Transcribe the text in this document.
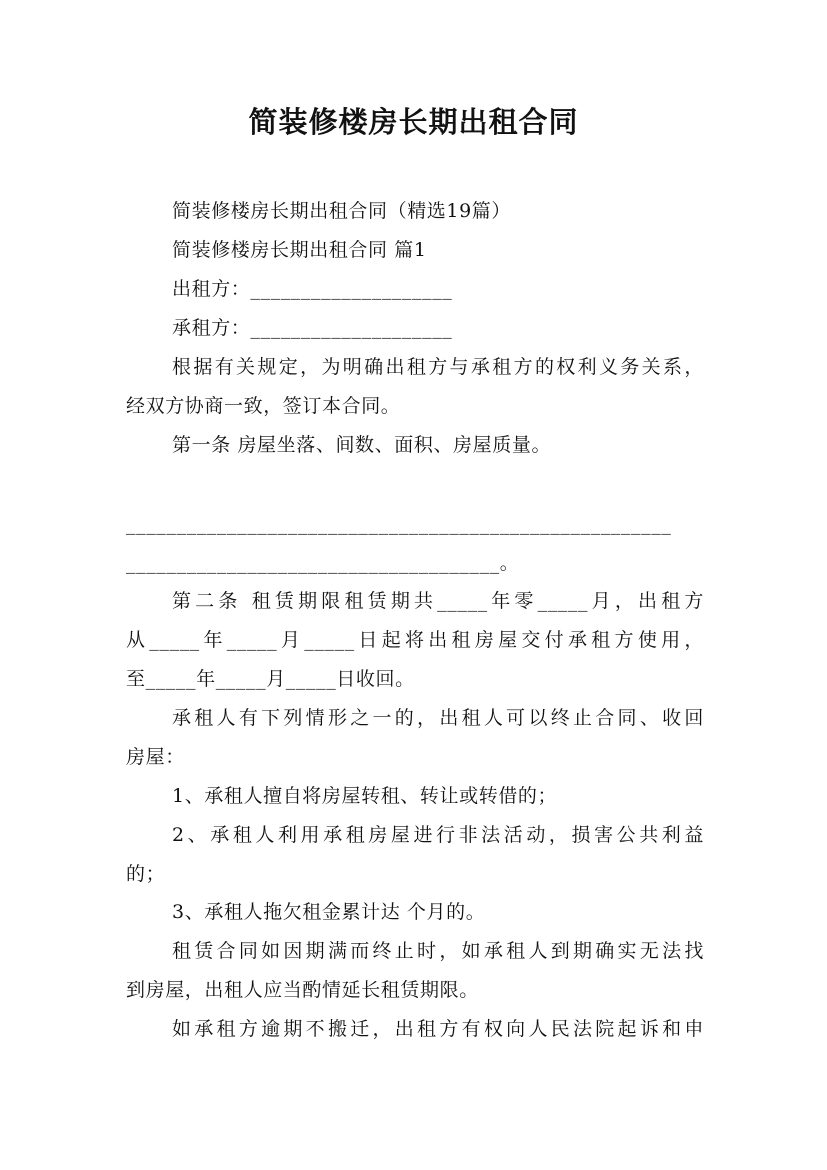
简装修楼房长期出租合同
简装修楼房长期出租合同（精选19篇）
简装修楼房长期出租合同 篇1
出租方：____________________
承租方：____________________
根据有关规定，为明确出租方与承租方的权利义务关系，
经双方协商一致，签订本合同。
第一条 房屋坐落、间数、面积、房屋质量。
______________________________________________________
_____________________________________。
第二条 租赁期限租赁期共_____年零_____月，出租方
从_____年_____月_____日起将出租房屋交付承租方使用，
至_____年_____月_____日收回。
承租人有下列情形之一的，出租人可以终止合同、收回
房屋：
1、承租人擅自将房屋转租、转让或转借的；
2、承租人利用承租房屋进行非法活动，损害公共利益
的；
3、承租人拖欠租金累计达 个月的。
租赁合同如因期满而终止时，如承租人到期确实无法找
到房屋，出租人应当酌情延长租赁期限。
如承租方逾期不搬迁，出租方有权向人民法院起诉和申
